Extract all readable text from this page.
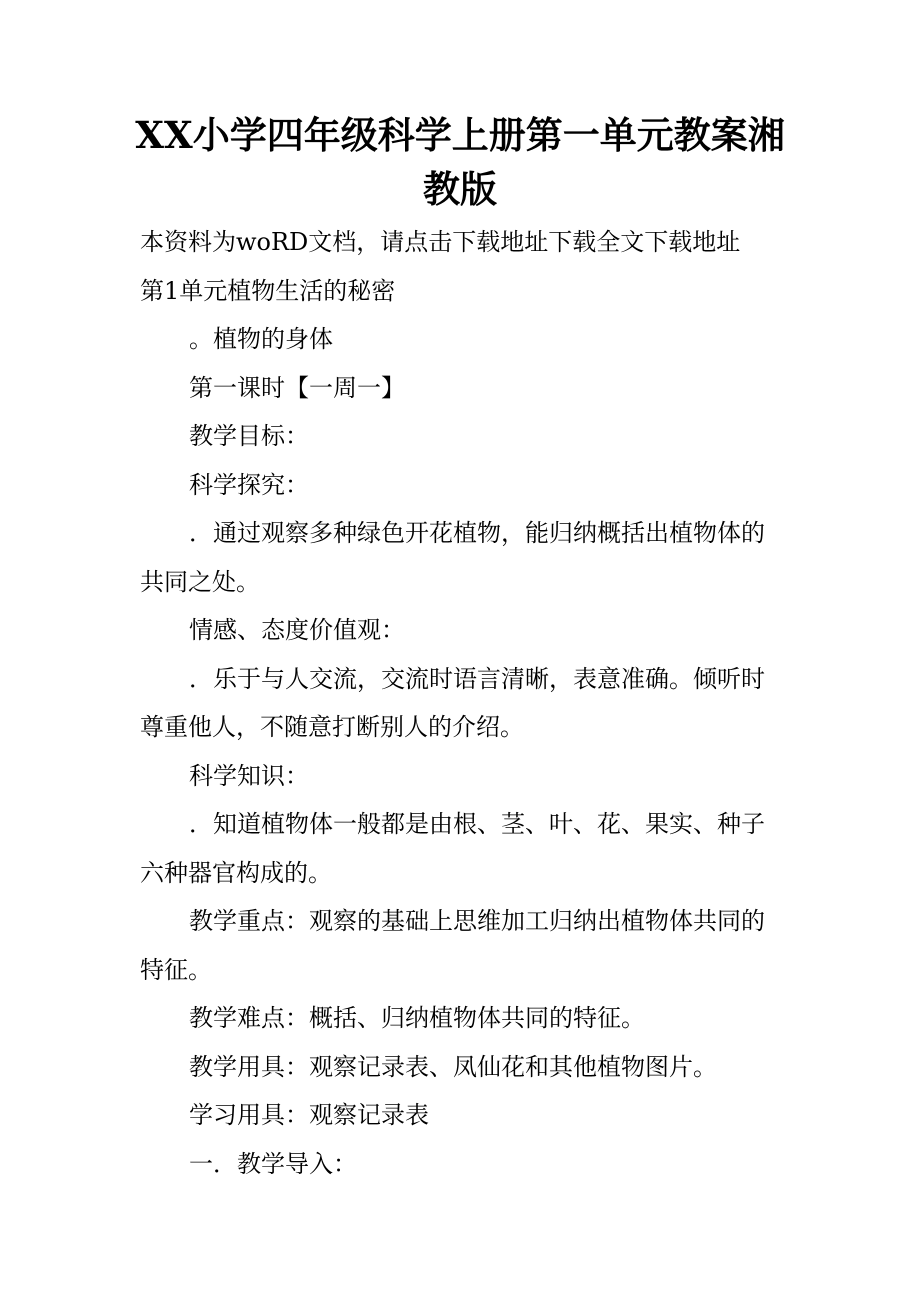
XX小学四年级科学上册第一单元教案湘教版

本资料为woRD文档，请点击下载地址下载全文下载地址

第1单元植物生活的秘密

。植物的身体

第一课时【一周一】

教学目标：

科学探究：

．通过观察多种绿色开花植物，能归纳概括出植物体的共同之处。

情感、态度价值观：

．乐于与人交流，交流时语言清晰，表意准确。倾听时尊重他人，不随意打断别人的介绍。

科学知识：

．知道植物体一般都是由根、茎、叶、花、果实、种子六种器官构成的。

教学重点：观察的基础上思维加工归纳出植物体共同的特征。

教学难点：概括、归纳植物体共同的特征。

教学用具：观察记录表、凤仙花和其他植物图片。

学习用具：观察记录表

一．教学导入：
